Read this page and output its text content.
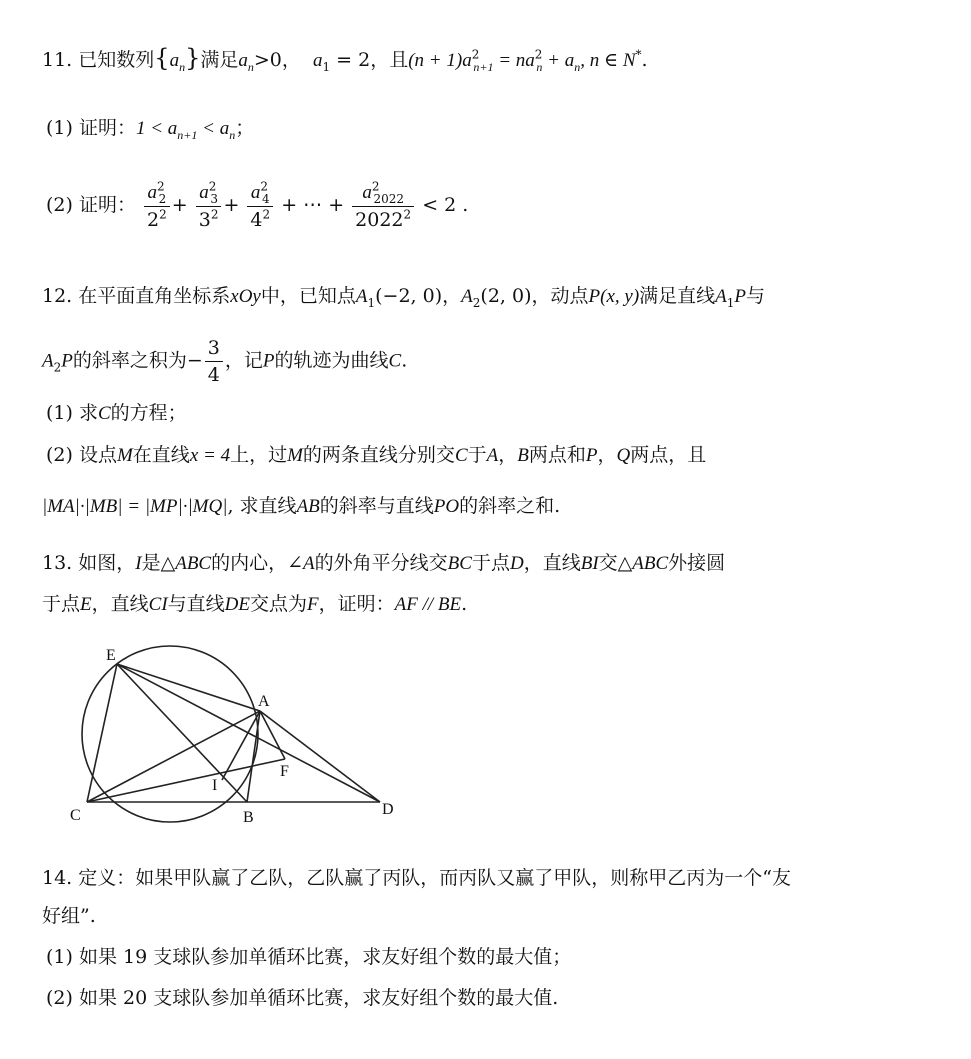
11. 已知数列$\{a_n\}$满足$a_n>0$， $a_1 = 2$，且$(n + 1)a^2_{n+1} = na^2_n + a_n$, n ∈ N*.
(1) 证明：$1 < a_{n+1} < a_n$；
(2) 证明： $\frac{a^2_2}{2^2} + \frac{a^2_3}{3^2} + \frac{a^2_4}{4^2}$ + ⋯ + $\frac{a^2_{2022}}{2022^2} < 2$ .
12. 在平面直角坐标系xOy中，已知点$A_1(-2$, 0)，$A_2(2$, 0)，动点P(x, y)满足直线$A_1P$与
$A_2P$的斜率之积为− $\frac{3}{4}$ ，记P的轨迹为曲线C.
(1) 求C的方程；
(2) 设点M在直线x = 4上，过M的两条直线分别交C于A，B两点和P，Q两点，且
|MA|·|MB| = |MP|·|MQ|, 求直线AB的斜率与直线PO的斜率之和.
13. 如图，I是△ABC的内心，∠A的外角平分线交BC于点D，直线BI交△ABC外接圆
于点E，直线CI与直线DE交点为F，证明：AF // BE.
E
A
F
I
C	B	D
14. 定义：如果甲队赢了乙队，乙队赢了丙队，而丙队又赢了甲队，则称甲乙丙为一个“友
好组”.
(1) 如果 19 支球队参加单循环比赛，求友好组个数的最大值；
(2) 如果 20 支球队参加单循环比赛，求友好组个数的最大值.
